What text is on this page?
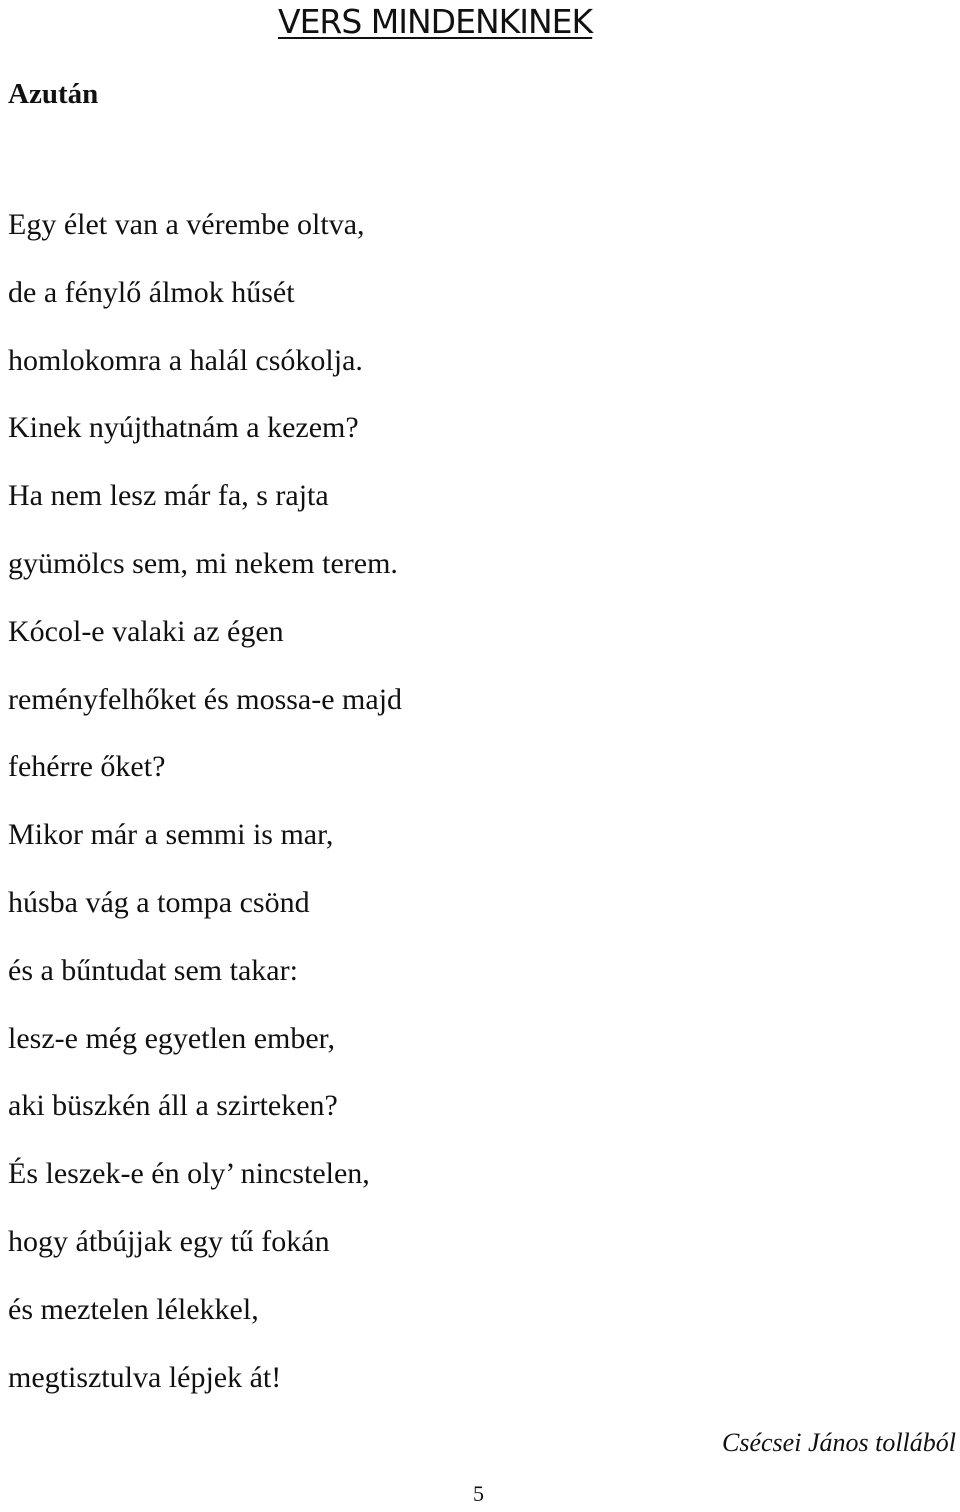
VERS MINDENKINEK
Azután
Egy élet van a vérembe oltva,
de a fénylő álmok hűsét
homlokomra a halál csókolja.
Kinek nyújthatnám a kezem?
Ha nem lesz már fa, s rajta
gyümölcs sem, mi nekem terem.
Kócol-e valaki az égen
reményfelhőket és mossa-e majd
fehérre őket?
Mikor már a semmi is mar,
húsba vág a tompa csönd
és a bűntudat sem takar:
lesz-e még egyetlen ember,
aki büszkén áll a szirteken?
És leszek-e én oly’ nincstelen,
hogy átbújjak egy tű fokán
és meztelen lélekkel,
megtisztulva lépjek át!
Csécsei János tollából
5
